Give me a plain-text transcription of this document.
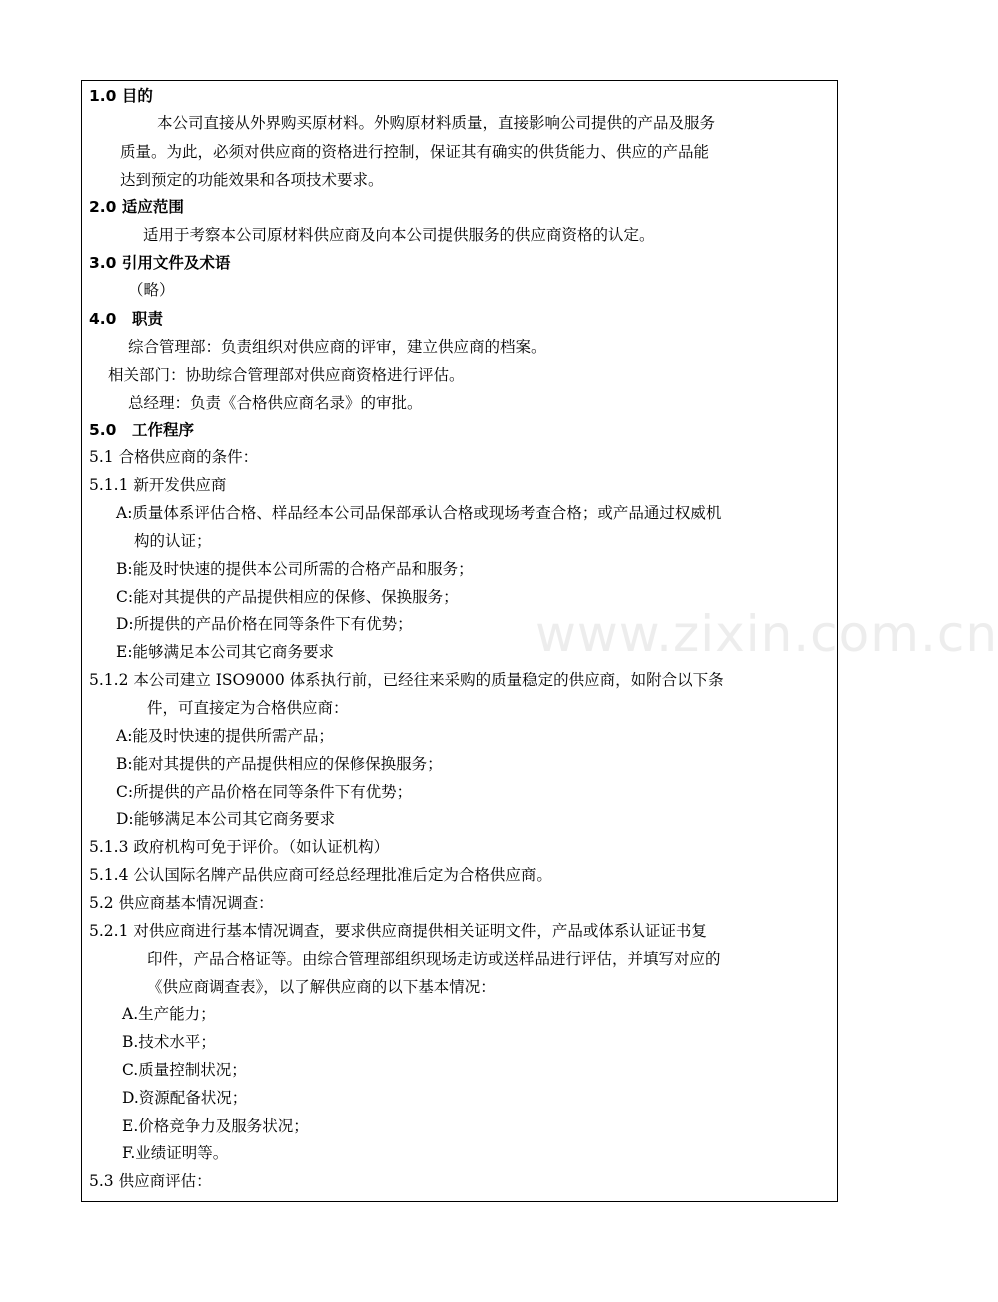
1.0 目的
本公司直接从外界购买原材料。外购原材料质量，直接影响公司提供的产品及服务
质量。为此，必须对供应商的资格进行控制，保证其有确实的供货能力、供应的产品能
达到预定的功能效果和各项技术要求。
2.0 适应范围
适用于考察本公司原材料供应商及向本公司提供服务的供应商资格的认定。
3.0 引用文件及术语
（略）
4.0　职责
综合管理部：负责组织对供应商的评审，建立供应商的档案。
相关部门：协助综合管理部对供应商资格进行评估。
总经理：负责《合格供应商名录》的审批。
5.0　工作程序
5.1 合格供应商的条件：
5.1.1 新开发供应商
A:质量体系评估合格、样品经本公司品保部承认合格或现场考查合格；或产品通过权威机
构的认证；
B:能及时快速的提供本公司所需的合格产品和服务；
C:能对其提供的产品提供相应的保修、保换服务；
D:所提供的产品价格在同等条件下有优势；
E:能够满足本公司其它商务要求
5.1.2 本公司建立 ISO9000 体系执行前，已经往来采购的质量稳定的供应商，如附合以下条
件，可直接定为合格供应商：
A:能及时快速的提供所需产品；
B:能对其提供的产品提供相应的保修保换服务；
C:所提供的产品价格在同等条件下有优势；
D:能够满足本公司其它商务要求
5.1.3 政府机构可免于评价。（如认证机构）
5.1.4 公认国际名牌产品供应商可经总经理批准后定为合格供应商。
5.2 供应商基本情况调查：
5.2.1 对供应商进行基本情况调查，要求供应商提供相关证明文件，产品或体系认证证书复
印件，产品合格证等。由综合管理部组织现场走访或送样品进行评估，并填写对应的
《供应商调查表》，以了解供应商的以下基本情况：
A.生产能力；
B.技术水平；
C.质量控制状况；
D.资源配备状况；
E.价格竞争力及服务状况；
F.业绩证明等。
5.3 供应商评估：
www.zixin.com.cn
